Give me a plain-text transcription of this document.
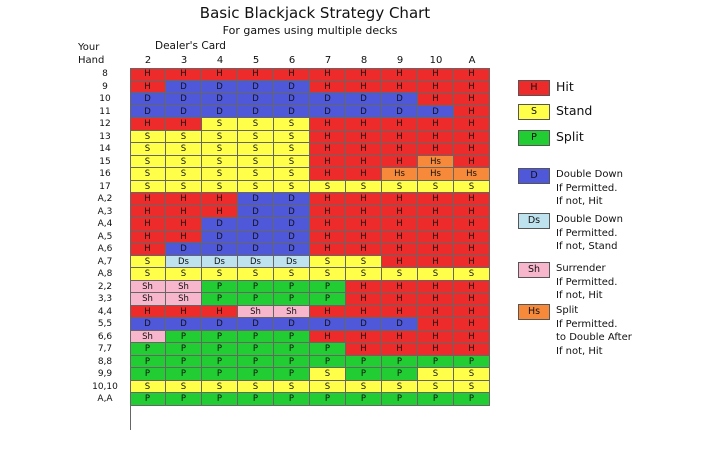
Basic Blackjack Strategy Chart
For games using multiple decks
Your
Hand
Dealer's Card
2	3	4	5	6	7	8	9	10	A
8	H	H	H	H	H	H	H	H	H	H
9	H	D	D	D	D	H	H	H	H	H
10	D	D	D	D	D	D	D	D	H	H
11	D	D	D	D	D	D	D	D	D	H
12	H	H	S	S	S	H	H	H	H	H
13	S	S	S	S	S	H	H	H	H	H
14	S	S	S	S	S	H	H	H	H	H
15	S	S	S	S	S	H	H	H	Hs	H
16	S	S	S	S	S	H	H	Hs	Hs	Hs
17	S	S	S	S	S	S	S	S	S	S
A,2	H	H	H	D	D	H	H	H	H	H
A,3	H	H	H	D	D	H	H	H	H	H
A,4	H	H	D	D	D	H	H	H	H	H
A,5	H	H	D	D	D	H	H	H	H	H
A,6	H	D	D	D	D	H	H	H	H	H
A,7	S	Ds	Ds	Ds	Ds	S	S	H	H	H
A,8	S	S	S	S	S	S	S	S	S	S
2,2	Sh	Sh	P	P	P	P	H	H	H	H
3,3	Sh	Sh	P	P	P	P	H	H	H	H
4,4	H	H	H	Sh	Sh	H	H	H	H	H
5,5	D	D	D	D	D	D	D	D	H	H
6,6	Sh	P	P	P	P	H	H	H	H	H
7,7	P	P	P	P	P	P	H	H	H	H
8,8	P	P	P	P	P	P	P	P	P	P
9,9	P	P	P	P	P	S	P	P	S	S
10,10	S	S	S	S	S	S	S	S	S	S
A,A	P	P	P	P	P	P	P	P	P	P
H	Hit
S	Stand
P	Split
D	Double Down
If Permitted.
If not, Hit
Ds	Double Down
If Permitted.
If not, Stand
Sh	Surrender
If Permitted.
If not, Hit
Hs	Split
If Permitted.
to Double After
If not, Hit
